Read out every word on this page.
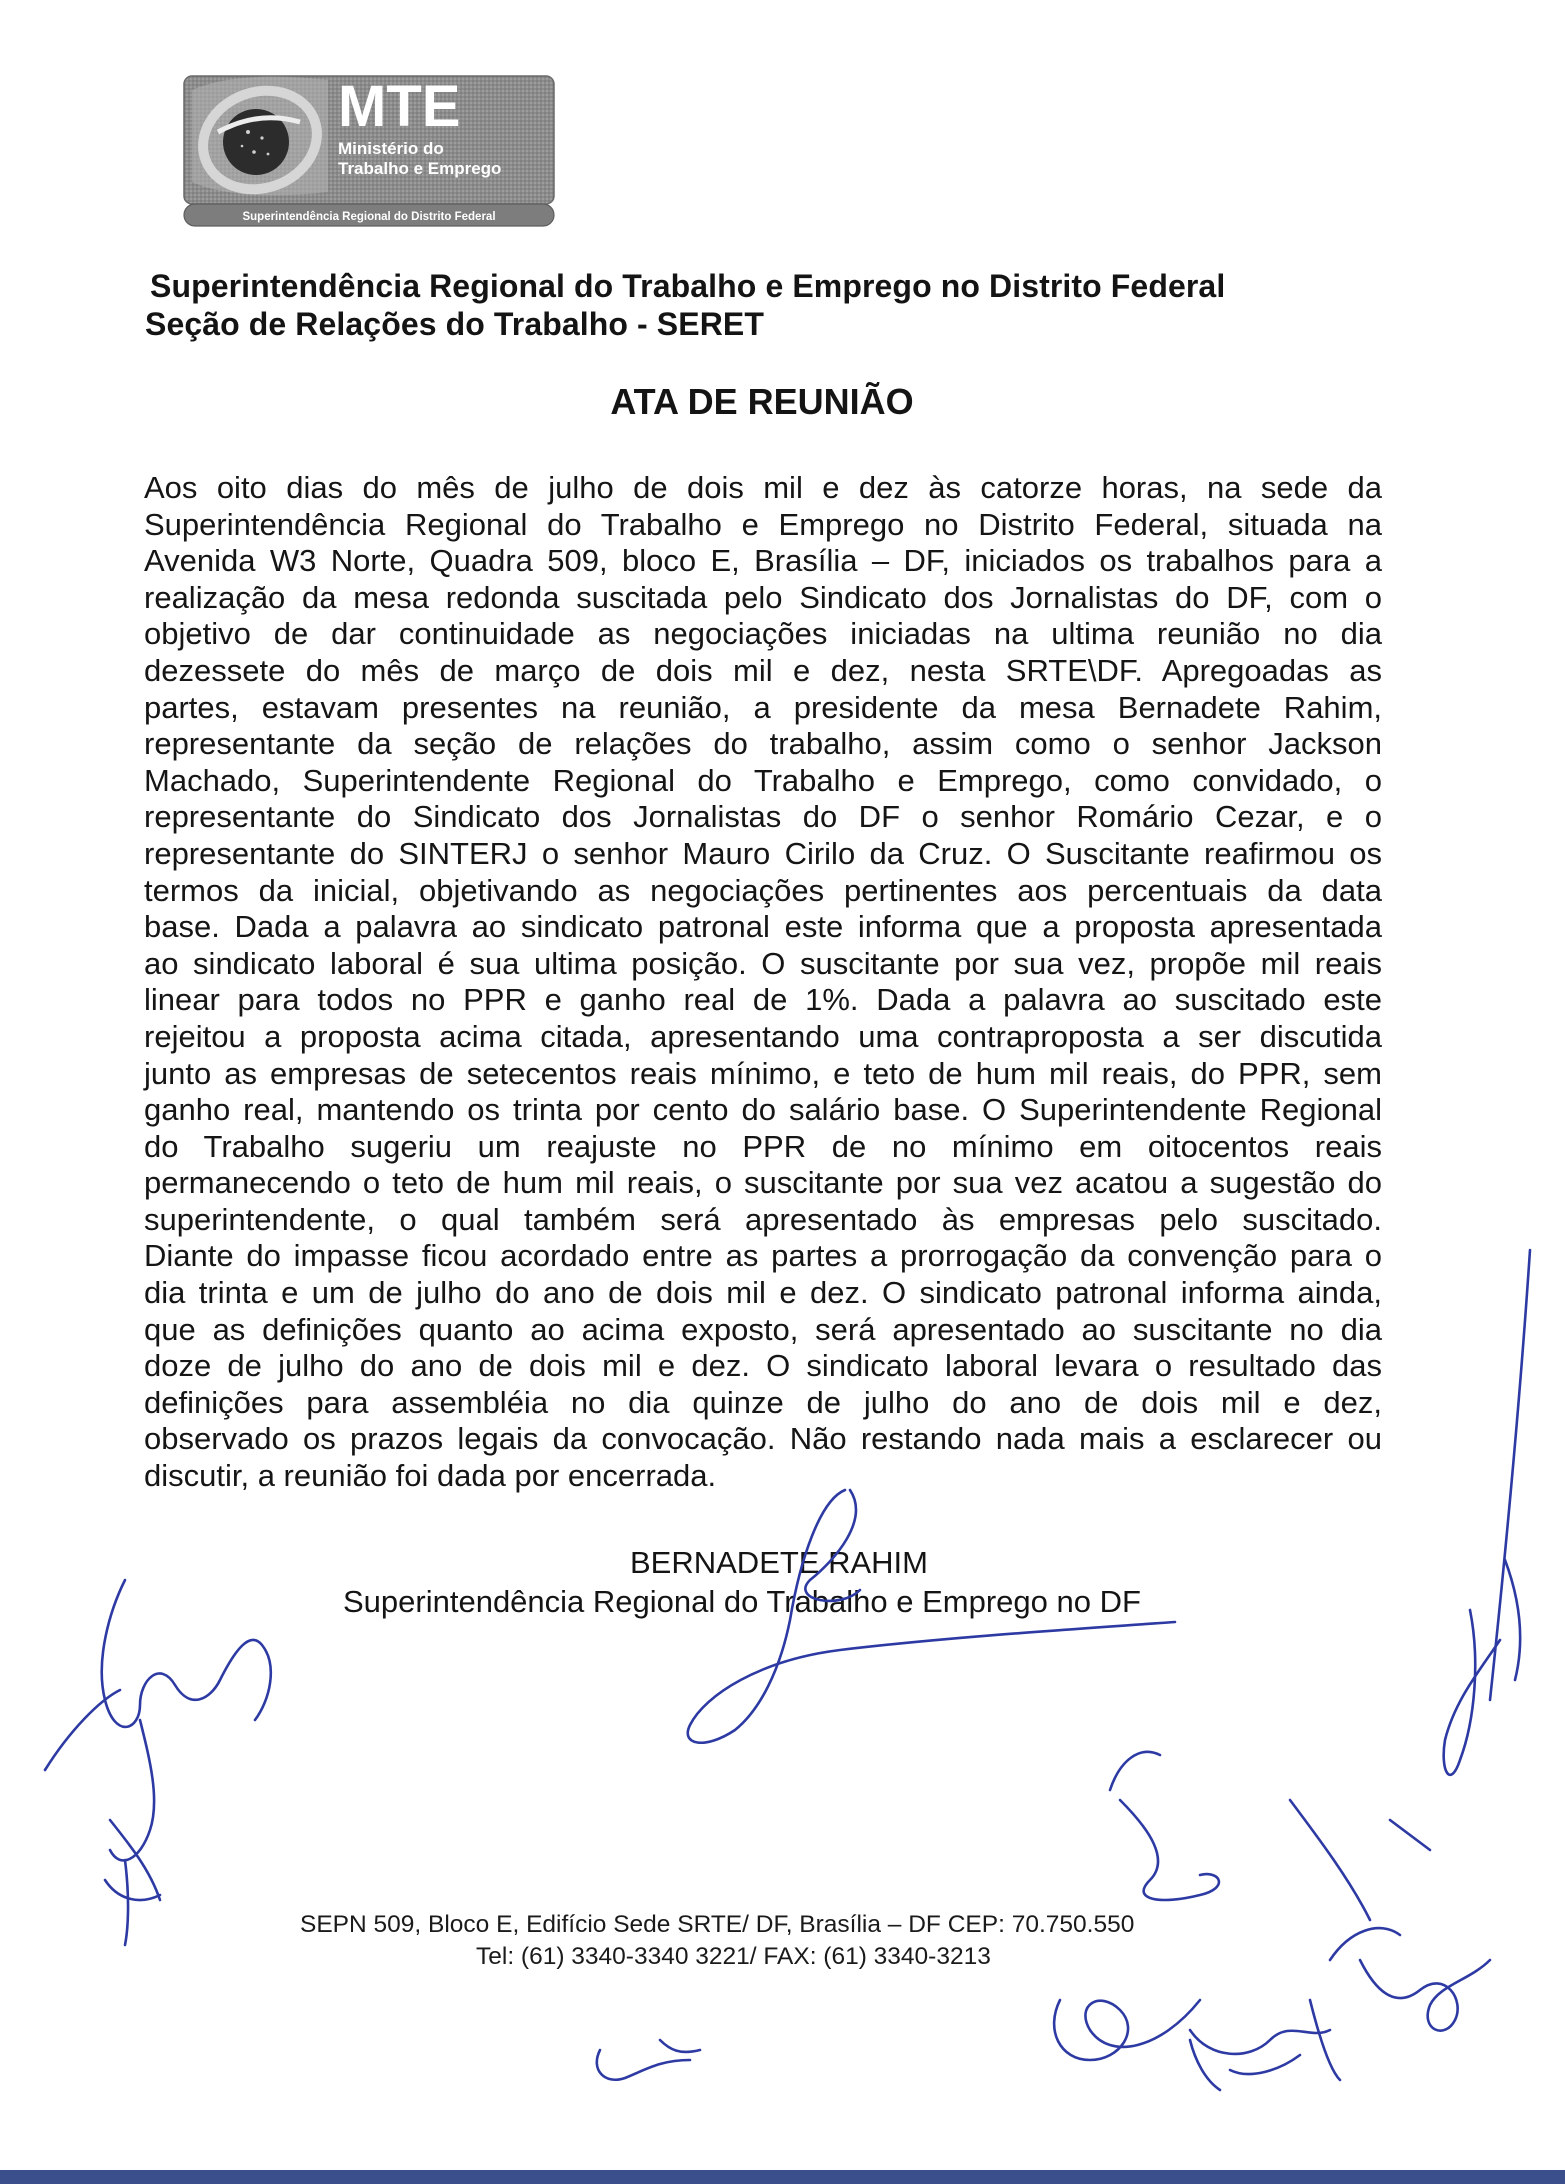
MTE
Ministério do
Trabalho e Emprego
Superintendência Regional do Distrito Federal
Superintendência Regional do Trabalho e Emprego no Distrito Federal
Seção de Relações do Trabalho - SERET
ATA DE REUNIÃO
Aos oito dias do mês de julho de dois mil e dez às catorze horas, na sede da
Superintendência Regional do Trabalho e Emprego no Distrito Federal, situada na
Avenida W3 Norte, Quadra 509, bloco E, Brasília – DF, iniciados os trabalhos para a
realização da mesa redonda suscitada pelo Sindicato dos Jornalistas do DF, com o
objetivo de dar continuidade as negociações iniciadas na ultima reunião no dia
dezessete do mês de março de dois mil e dez, nesta SRTE\DF. Apregoadas as
partes, estavam presentes na reunião, a presidente da mesa Bernadete Rahim,
representante da seção de relações do trabalho, assim como o senhor Jackson
Machado, Superintendente Regional do Trabalho e Emprego, como convidado, o
representante do Sindicato dos Jornalistas do DF o senhor Romário Cezar, e o
representante do SINTERJ o senhor Mauro Cirilo da Cruz. O Suscitante reafirmou os
termos da inicial, objetivando as negociações pertinentes aos percentuais da data
base. Dada a palavra ao sindicato patronal este informa que a proposta apresentada
ao sindicato laboral é sua ultima posição. O suscitante por sua vez, propõe mil reais
linear para todos no PPR e ganho real de 1%. Dada a palavra ao suscitado este
rejeitou a proposta acima citada, apresentando uma contraproposta a ser discutida
junto as empresas de setecentos reais mínimo, e teto de hum mil reais, do PPR, sem
ganho real, mantendo os trinta por cento do salário base. O Superintendente Regional
do Trabalho sugeriu um reajuste no PPR de no mínimo em oitocentos reais
permanecendo o teto de hum mil reais, o suscitante por sua vez acatou a sugestão do
superintendente, o qual também será apresentado às empresas pelo suscitado.
Diante do impasse ficou acordado entre as partes a prorrogação da convenção para o
dia trinta e um de julho do ano de dois mil e dez. O sindicato patronal informa ainda,
que as definições quanto ao acima exposto, será apresentado ao suscitante no dia
doze de julho do ano de dois mil e dez. O sindicato laboral levara o resultado das
definições para assembléia no dia quinze de julho do ano de dois mil e dez,
observado os prazos legais da convocação. Não restando nada mais a esclarecer ou
discutir, a reunião foi dada por encerrada.
BERNADETE RAHIM
Superintendência Regional do Trabalho e Emprego no DF
SEPN 509, Bloco E, Edifício Sede SRTE/ DF, Brasília – DF CEP: 70.750.550
Tel: (61) 3340-3340 3221/ FAX: (61) 3340-3213
